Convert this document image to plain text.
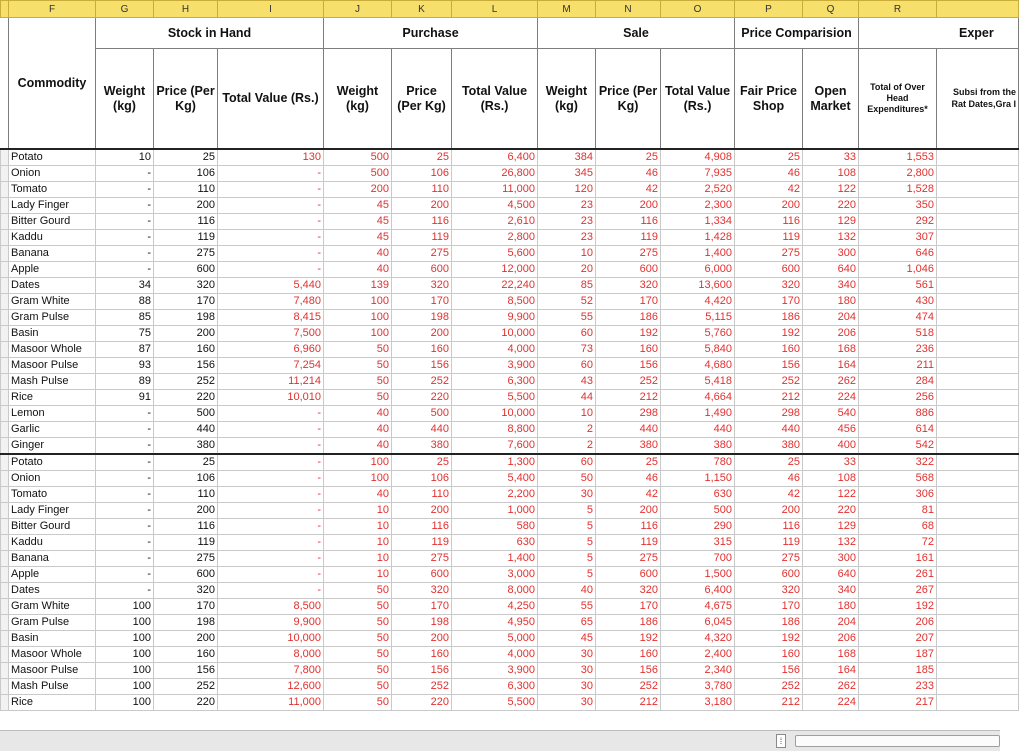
	F	G	H	I	J	K	L	M	N	O	P	Q	R	
	Commodity	Stock in Hand			Purchase			Sale			Price Comparision		Exper	
		Weight (kg)	Price (Per Kg)	Total Value (Rs.)	Weight (kg)	Price (Per Kg)	Total Value (Rs.)	Weight (kg)	Price (Per Kg)	Total Value (Rs.)	Fair Price Shop	Open Market	Total of Over Head Expenditures*	Subsi from the Rat Dates,Gra I
	Potato	10	25	130	500	25	6,400	384	25	4,908	25	33	1,553	
	Onion	-	106	-	500	106	26,800	345	46	7,935	46	108	2,800	
	Tomato	-	110	-	200	110	11,000	120	42	2,520	42	122	1,528	
	Lady Finger	-	200	-	45	200	4,500	23	200	2,300	200	220	350	
	Bitter Gourd	-	116	-	45	116	2,610	23	116	1,334	116	129	292	
	Kaddu	-	119	-	45	119	2,800	23	119	1,428	119	132	307	
	Banana	-	275	-	40	275	5,600	10	275	1,400	275	300	646	
	Apple	-	600	-	40	600	12,000	20	600	6,000	600	640	1,046	
	Dates	34	320	5,440	139	320	22,240	85	320	13,600	320	340	561	
	Gram White	88	170	7,480	100	170	8,500	52	170	4,420	170	180	430	
	Gram Pulse	85	198	8,415	100	198	9,900	55	186	5,115	186	204	474	
	Basin	75	200	7,500	100	200	10,000	60	192	5,760	192	206	518	
	Masoor Whole	87	160	6,960	50	160	4,000	73	160	5,840	160	168	236	
	Masoor Pulse	93	156	7,254	50	156	3,900	60	156	4,680	156	164	211	
	Mash Pulse	89	252	11,214	50	252	6,300	43	252	5,418	252	262	284	
	Rice	91	220	10,010	50	220	5,500	44	212	4,664	212	224	256	
	Lemon	-	500	-	40	500	10,000	10	298	1,490	298	540	886	
	Garlic	-	440	-	40	440	8,800	2	440	440	440	456	614	
	Ginger	-	380	-	40	380	7,600	2	380	380	380	400	542	
	Potato	-	25	-	100	25	1,300	60	25	780	25	33	322	
	Onion	-	106	-	100	106	5,400	50	46	1,150	46	108	568	
	Tomato	-	110	-	40	110	2,200	30	42	630	42	122	306	
	Lady Finger	-	200	-	10	200	1,000	5	200	500	200	220	81	
	Bitter Gourd	-	116	-	10	116	580	5	116	290	116	129	68	
	Kaddu	-	119	-	10	119	630	5	119	315	119	132	72	
	Banana	-	275	-	10	275	1,400	5	275	700	275	300	161	
	Apple	-	600	-	10	600	3,000	5	600	1,500	600	640	261	
	Dates	-	320	-	50	320	8,000	40	320	6,400	320	340	267	
	Gram White	100	170	8,500	50	170	4,250	55	170	4,675	170	180	192	
	Gram Pulse	100	198	9,900	50	198	4,950	65	186	6,045	186	204	206	
	Basin	100	200	10,000	50	200	5,000	45	192	4,320	192	206	207	
	Masoor Whole	100	160	8,000	50	160	4,000	30	160	2,400	160	168	187	
	Masoor Pulse	100	156	7,800	50	156	3,900	30	156	2,340	156	164	185	
	Mash Pulse	100	252	12,600	50	252	6,300	30	252	3,780	252	262	233	
	Rice	100	220	11,000	50	220	5,500	30	212	3,180	212	224	217	
⁞
